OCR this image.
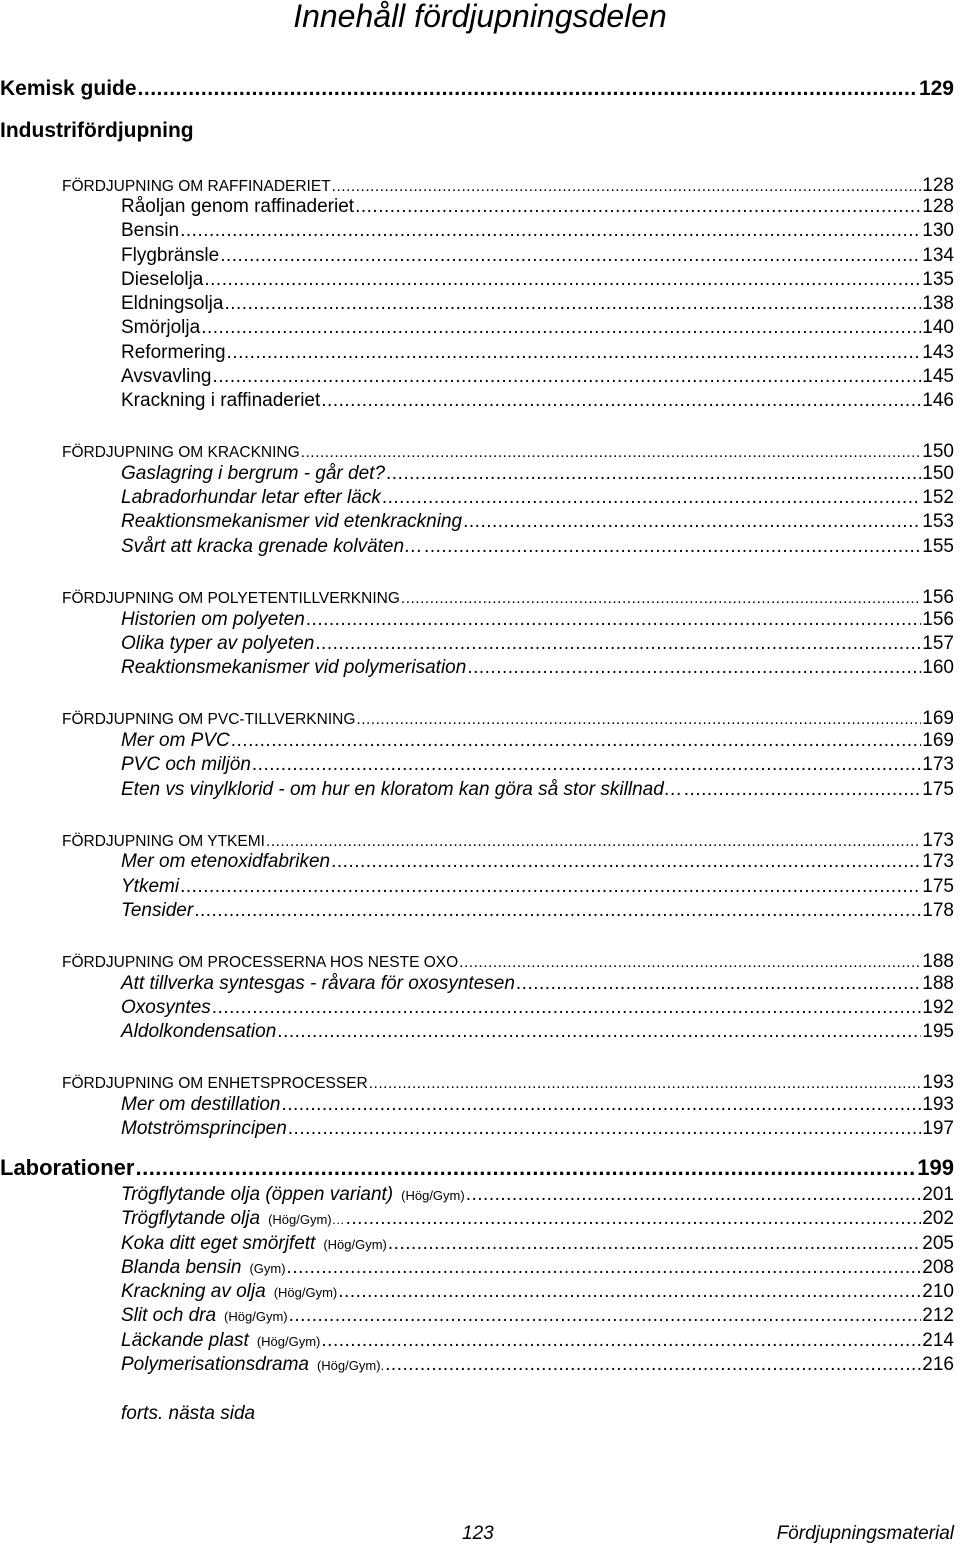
Innehåll fördjupningsdelen
Kemisk guide .....	129
Industrifördjupning
FÖRDJUPNING OM RAFFINADERIET .....	128
Råoljan genom raffinaderiet .....	128
Bensin .....	130
Flygbränsle .....	134
Dieselolja .....	135
Eldningsolja .....	138
Smörjolja .....	140
Reformering .....	143
Avsvavling .....	145
Krackning i raffinaderiet .....	146
FÖRDJUPNING OM KRACKNING .....	150
Gaslagring i bergrum - går det? .....	150
Labradorhundar letar efter läck .....	152
Reaktionsmekanismer vid etenkrackning .....	153
Svårt att kracka grenade kolväten… .....	155
FÖRDJUPNING OM POLYETENTILLVERKNING .....	156
Historien om polyeten .....	156
Olika typer av polyeten .....	157
Reaktionsmekanismer vid polymerisation .....	160
FÖRDJUPNING OM PVC-TILLVERKNING .....	169
Mer om PVC .....	169
PVC och miljön .....	173
Eten vs vinylklorid - om hur en kloratom kan göra så stor skillnad… .....	175
FÖRDJUPNING OM YTKEMI .....	173
Mer om etenoxidfabriken .....	173
Ytkemi .....	175
Tensider .....	178
FÖRDJUPNING OM PROCESSERNA HOS NESTE OXO .....	188
Att tillverka syntesgas - råvara för oxosyntesen .....	188
Oxosyntes .....	192
Aldolkondensation .....	195
FÖRDJUPNING OM ENHETSPROCESSER .....	193
Mer om destillation .....	193
Motströmsprincipen .....	197
Laborationer .....	199
Trögflytande olja (öppen variant) (Hög/Gym) .....	201
Trögflytande olja (Hög/Gym)… .....	202
Koka ditt eget smörjfett (Hög/Gym) .....	205
Blanda bensin (Gym) .....	208
Krackning av olja (Hög/Gym) .....	210
Slit och dra (Hög/Gym) .....	212
Läckande plast (Hög/Gym) .....	214
Polymerisationsdrama (Hög/Gym). .....	216
forts. nästa sida
123	Fördjupningsmaterial
